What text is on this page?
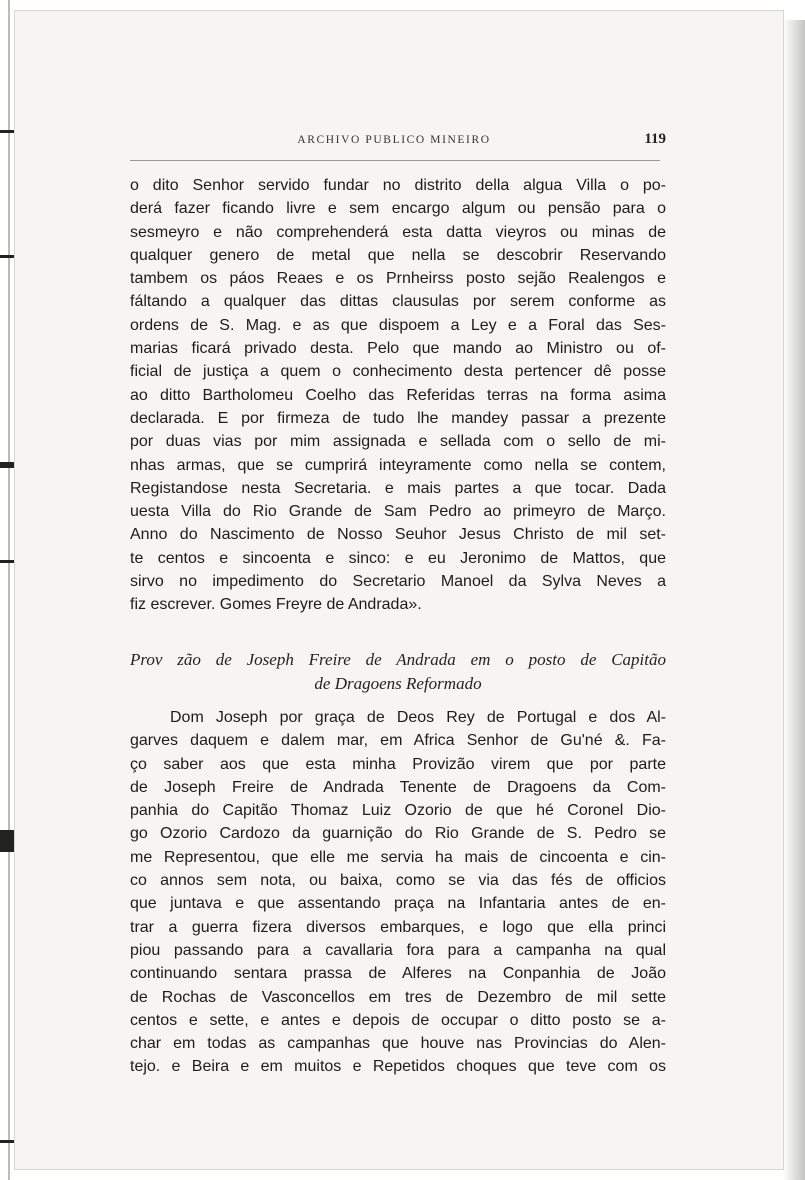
ARCHIVO PUBLICO MINEIRO	119
o dito Senhor servido fundar no distrito della algua Villa o po-
derá fazer ficando livre e sem encargo algum ou pensão para o
sesmeyro e não comprehenderá esta datta vieyros ou minas de
qualquer genero de metal que nella se descobrir Reservando
tambem os páos Reaes e os Prnheirss posto sejão Realengos e
fáltando a qualquer das dittas clausulas por serem conforme as
ordens de S. Mag. e as que dispoem a Ley e a Foral das Ses-
marias ficará privado desta. Pelo que mando ao Ministro ou of-
ficial de justiça a quem o conhecimento desta pertencer dê posse
ao ditto Bartholomeu Coelho das Referidas terras na forma asima
declarada. E por firmeza de tudo lhe mandey passar a prezente
por duas vias por mim assignada e sellada com o sello de mi-
nhas armas, que se cumprirá inteyramente como nella se contem,
Registandose nesta Secretaria. e mais partes a que tocar. Dada
uesta Villa do Rio Grande de Sam Pedro ao primeyro de Março.
Anno do Nascimento de Nosso Seuhor Jesus Christo de mil set-
te centos e sincoenta e sinco: e eu Jeronimo de Mattos, que
sirvo no impedimento do Secretario Manoel da Sylva Neves a
fiz escrever. Gomes Freyre de Andrada».
Prov zão de Joseph Freire de Andrada em o posto de Capitão
de Dragoens Reformado
Dom Joseph por graça de Deos Rey de Portugal e dos Al-
garves daquem e dalem mar, em Africa Senhor de Gu'né &. Fa-
ço saber aos que esta minha Provizão virem que por parte
de Joseph Freire de Andrada Tenente de Dragoens da Com-
panhia do Capitão Thomaz Luiz Ozorio de que hé Coronel Dio-
go Ozorio Cardozo da guarnição do Rio Grande de S. Pedro se
me Representou, que elle me servia ha mais de cincoenta e cin-
co annos sem nota, ou baixa, como se via das fés de officios
que juntava e que assentando praça na Infantaria antes de en-
trar a guerra fizera diversos embarques, e logo que ella princi
piou passando para a cavallaria fora para a campanha na qual
continuando sentara prassa de Alferes na Conpanhia de João
de Rochas de Vasconcellos em tres de Dezembro de mil sette
centos e sette, e antes e depois de occupar o ditto posto se a-
char em todas as campanhas que houve nas Provincias do Alen-
tejo. e Beira e em muitos e Repetidos choques que teve com os
